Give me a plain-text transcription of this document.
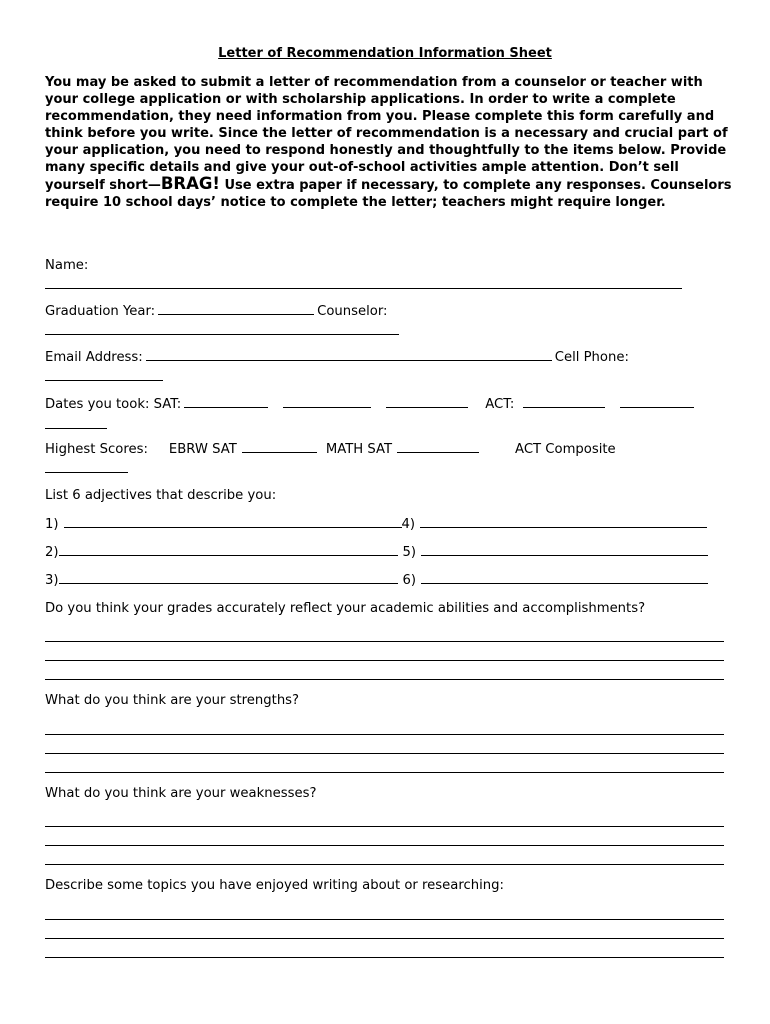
Letter of Recommendation Information Sheet
You may be asked to submit a letter of recommendation from a counselor or teacher with your college application or with scholarship applications. In order to write a complete recommendation, they need information from you. Please complete this form carefully and think before you write. Since the letter of recommendation is a necessary and crucial part of your application, you need to respond honestly and thoughtfully to the items below. Provide many specific details and give your out-of-school activities ample attention. Don’t sell yourself short—BRAG! Use extra paper if necessary, to complete any responses. Counselors require 10 school days’ notice to complete the letter; teachers might require longer.
Name:
Graduation Year:	Counselor:
Email Address:	Cell Phone:
Dates you took: SAT:	ACT:
Highest Scores: EBRW SAT	MATH SAT	ACT Composite
List 6 adjectives that describe you:
1)	4)
2)	5)
3)	6)
Do you think your grades accurately reflect your academic abilities and accomplishments?
What do you think are your strengths?
What do you think are your weaknesses?
Describe some topics you have enjoyed writing about or researching:
